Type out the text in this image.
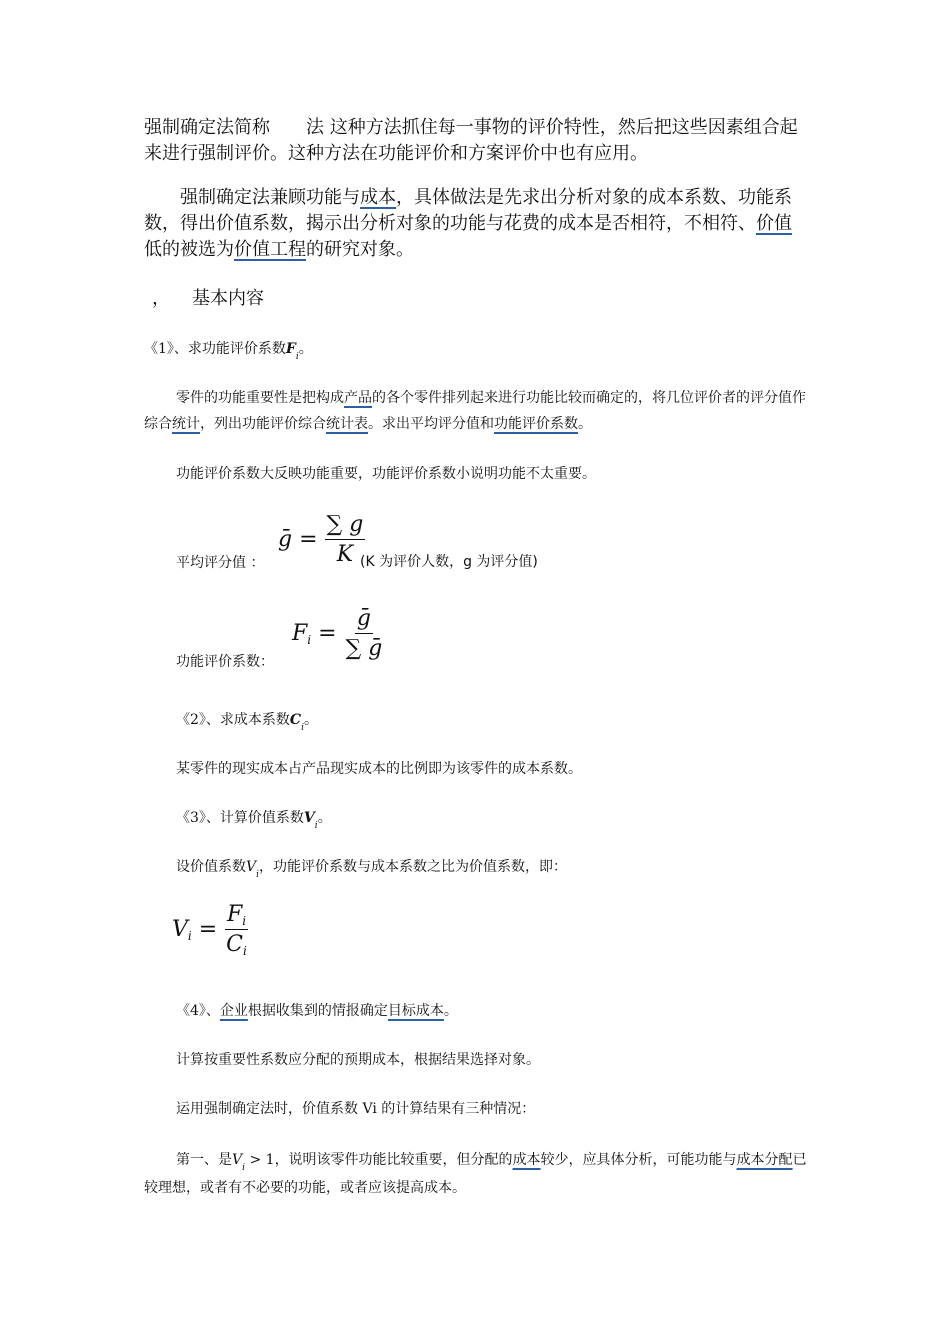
强制确定法简称　　法 这种方法抓住每一事物的评价特性，然后把这些因素组合起来进行强制评价。这种方法在功能评价和方案评价中也有应用。

强制确定法兼顾功能与成本，具体做法是先求出分析对象的成本系数、功能系数，得出价值系数，揭示出分析对象的功能与花费的成本是否相符，不相符、价值低的被选为价值工程的研究对象。

， 基本内容
《1》、求功能评价系数$F_i$。

零件的功能重要性是把构成产品的各个零件排列起来进行功能比较而确定的，将几位评价者的评分值作综合统计，列出功能评价综合统计表。求出平均评分值和功能评价系数。

功能评价系数大反映功能重要，功能评价系数小说明功能不太重要。
平均评分值 ：
ḡ = $\frac{\sum g}{K}$
(K 为评价人数，g 为评分值)
功能评价系数：
$Fi = \frac{\text{ḡ}}{\text{∑ ḡ}}$
《2》、求成本系数$C_i$。
某零件的现实成本占产品现实成本的比例即为该零件的成本系数。
《3》、计算价值系数$V_i$。
设价值系数$V_i$，功能评价系数与成本系数之比为价值系数，即：
$Vi = \frac{Fi}{Ci}$
《4》、企业根据收集到的情报确定目标成本。
计算按重要性系数应分配的预期成本，根据结果选择对象。
运用强制确定法时，价值系数 Vi 的计算结果有三种情况：

第一、是$V_i > 1$，说明该零件功能比较重要，但分配的成本较少，应具体分析，可能功能与成本分配已较理想，或者有不必要的功能，或者应该提高成本。
